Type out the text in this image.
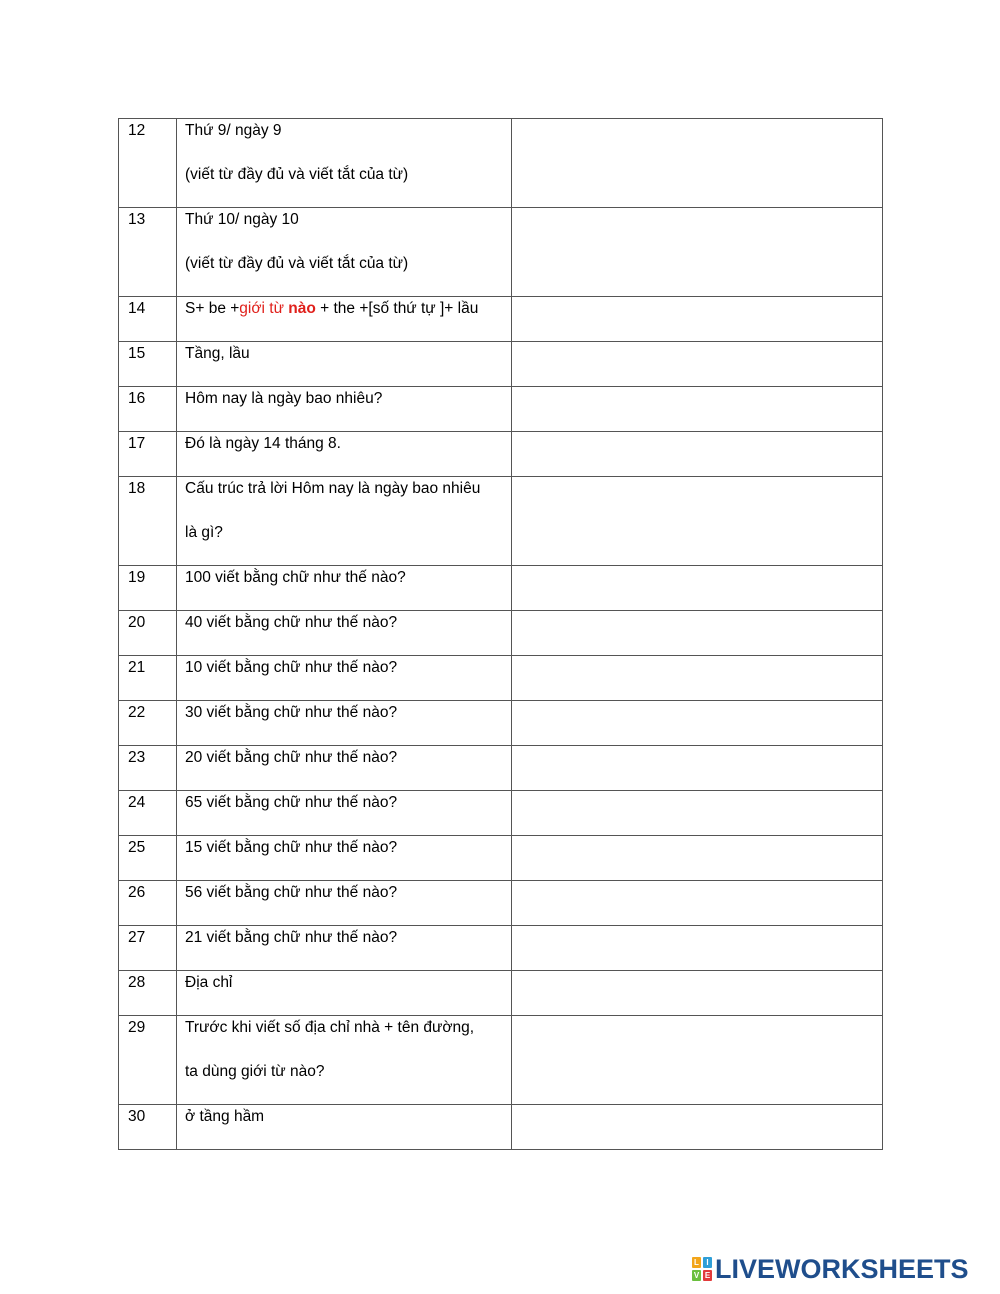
12	Thứ 9/ ngày 9
(viết từ đầy đủ và viết tắt của từ)	

13	Thứ 10/ ngày 10
(viết từ đầy đủ và viết tắt của từ)	

14	S+ be +giới từ nào + the +[số thứ tự ]+ lầu	

15	Tầng, lầu	

16	Hôm nay là ngày bao nhiêu?	

17	Đó là ngày 14 tháng 8.	

18	Cấu trúc trả lời Hôm nay là ngày bao nhiêu
là gì?	

19	100 viết bằng chữ như thế nào?	

20	40 viết bằng chữ như thế nào?	

21	10 viết bằng chữ như thế nào?	

22	30 viết bằng chữ như thế nào?	

23	20 viết bằng chữ như thế nào?	

24	65 viết bằng chữ như thế nào?	

25	15 viết bằng chữ như thế nào?	

26	56 viết bằng chữ như thế nào?	

27	21 viết bằng chữ như thế nào?	

28	Địa chỉ	

29	Trước khi viết số địa chỉ nhà + tên đường,
ta dùng giới từ nào?	

30	ở tầng hầm	

L I
V E LIVEWORKSHEETS
